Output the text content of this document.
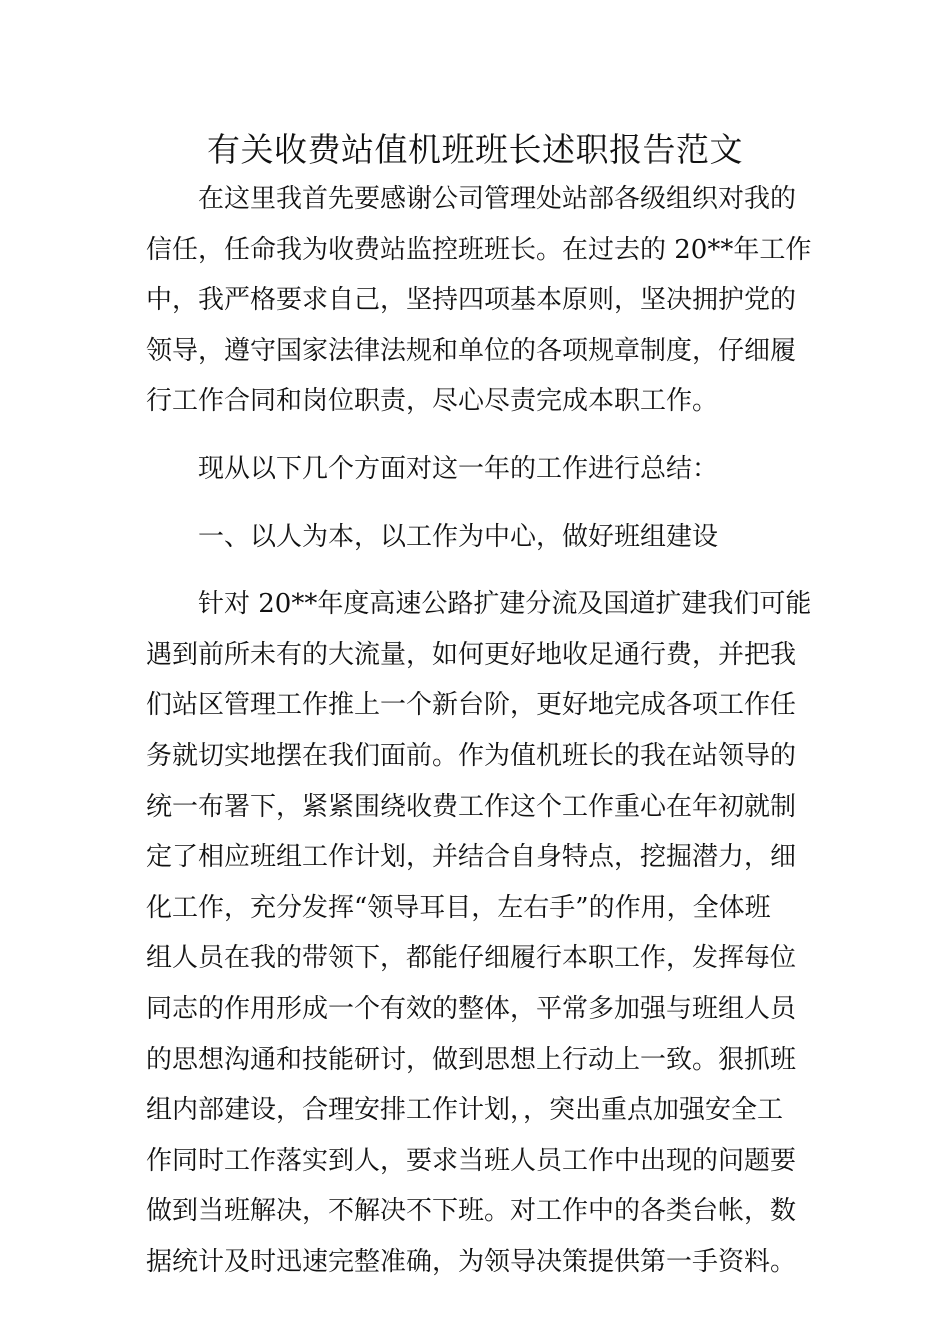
有关收费站值机班班长述职报告范文
在这里我首先要感谢公司管理处站部各级组织对我的
信任，任命我为收费站监控班班长。在过去的 20**年工作
中，我严格要求自己，坚持四项基本原则，坚决拥护党的
领导，遵守国家法律法规和单位的各项规章制度，仔细履
行工作合同和岗位职责，尽心尽责完成本职工作。
现从以下几个方面对这一年的工作进行总结：
一、以人为本，以工作为中心，做好班组建设
针对 20**年度高速公路扩建分流及国道扩建我们可能
遇到前所未有的大流量，如何更好地收足通行费，并把我
们站区管理工作推上一个新台阶，更好地完成各项工作任
务就切实地摆在我们面前。作为值机班长的我在站领导的
统一布署下，紧紧围绕收费工作这个工作重心在年初就制
定了相应班组工作计划，并结合自身特点，挖掘潜力，细
化工作，充分发挥“领导耳目，左右手”的作用，全体班
组人员在我的带领下，都能仔细履行本职工作，发挥每位
同志的作用形成一个有效的整体，平常多加强与班组人员
的思想沟通和技能研讨，做到思想上行动上一致。狠抓班
组内部建设，合理安排工作计划，，突出重点加强安全工
作同时工作落实到人，要求当班人员工作中出现的问题要
做到当班解决，不解决不下班。对工作中的各类台帐，数
据统计及时迅速完整准确，为领导决策提供第一手资料。
